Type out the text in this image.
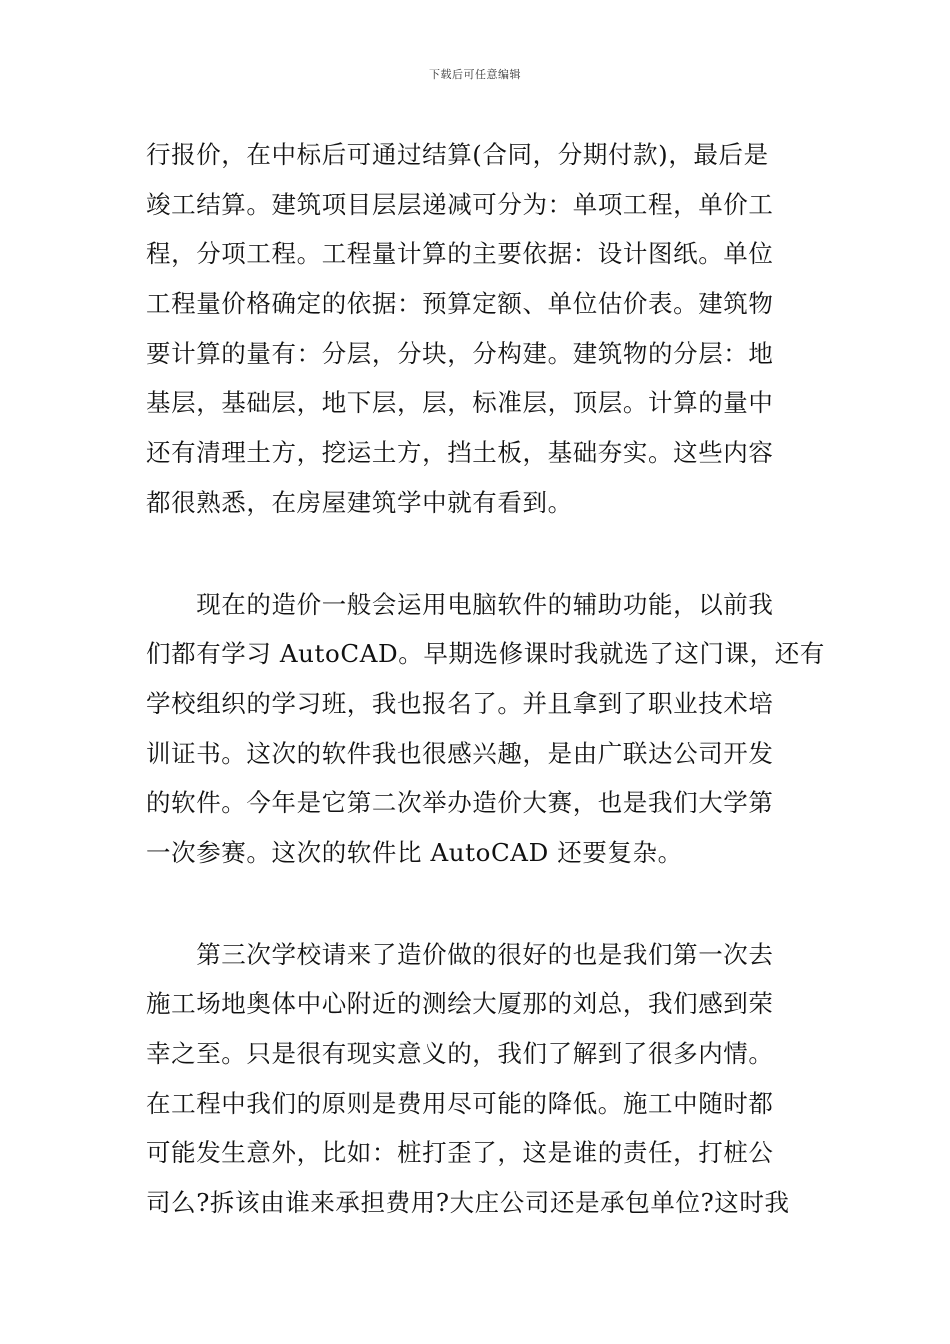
下载后可任意编辑
行报价，在中标后可通过结算(合同，分期付款)，最后是
竣工结算。建筑项目层层递减可分为：单项工程，单价工
程，分项工程。工程量计算的主要依据：设计图纸。单位
工程量价格确定的依据：预算定额、单位估价表。建筑物
要计算的量有：分层，分块，分构建。建筑物的分层：地
基层，基础层，地下层，层，标准层，顶层。计算的量中
还有清理土方，挖运土方，挡土板，基础夯实。这些内容
都很熟悉，在房屋建筑学中就有看到。
　　现在的造价一般会运用电脑软件的辅助功能，以前我
们都有学习 AutoCAD。早期选修课时我就选了这门课，还有
学校组织的学习班，我也报名了。并且拿到了职业技术培
训证书。这次的软件我也很感兴趣，是由广联达公司开发
的软件。今年是它第二次举办造价大赛，也是我们大学第
一次参赛。这次的软件比 AutoCAD 还要复杂。
　　第三次学校请来了造价做的很好的也是我们第一次去
施工场地奥体中心附近的测绘大厦那的刘总，我们感到荣
幸之至。只是很有现实意义的，我们了解到了很多内情。
在工程中我们的原则是费用尽可能的降低。施工中随时都
可能发生意外，比如：桩打歪了，这是谁的责任，打桩公
司么?拆该由谁来承担费用?大庄公司还是承包单位?这时我
